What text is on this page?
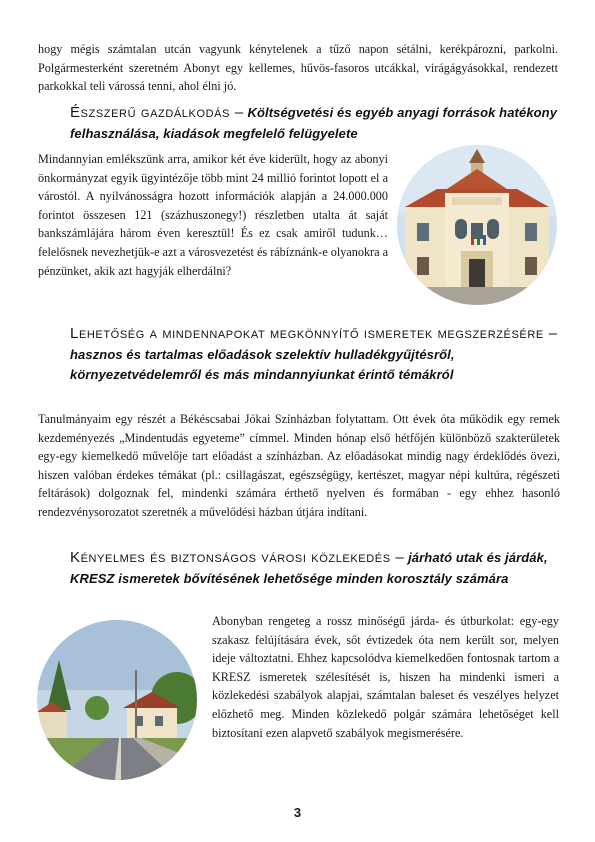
hogy mégis számtalan utcán vagyunk kénytelenek a tűző napon sétálni, kerékpározni, parkolni. Polgármesterként szeretném Abonyt egy kellemes, hűvös-fasoros utcákkal, virágágyásokkal, rendezett parkokkal teli várossá tenni, ahol élni jó.

Észszerű gazdálkodás – Költségvetési és egyéb anyagi források hatékony felhasználása, kiadások megfelelő felügyelete

Mindannyian emlékszünk arra, amikor két éve kiderült, hogy az abonyi önkormányzat egyik ügyintézője több mint 24 millió forintot lopott el a várostól. A nyilvánosságra hozott információk alapján a 24.000.000 forintot összesen 121 (százhuszonegy!) részletben utalta át saját bankszámlájára három éven keresztül! És ez csak amiről tudunk… felelősnek nevezhetjük-e azt a városvezetést és rábíznánk-e olyanokra a pénzünket, akik azt hagyják elherdálni?

Lehetőség a mindennapokat megkönnyítő ismeretek megszerzésére – hasznos és tartalmas előadások szelektív hulladékgyűjtésről, környezetvédelemről és más mindannyiunkat érintő témákról

Tanulmányaim egy részét a Békéscsabai Jókai Színházban folytattam. Ott évek óta működik egy remek kezdeményezés „Mindentudás egyeteme” címmel. Minden hónap első hétfőjén különböző szakterületek egy-egy kiemelkedő művelője tart előadást a színházban. Az előadásokat mindig nagy érdeklődés övezi, hiszen valóban érdekes témákat (pl.: csillagászat, egészségügy, kertészet, magyar népi kultúra, régészeti feltárások) dolgoznak fel, mindenki számára érthető nyelven és formában - egy ehhez hasonló rendezvénysorozatot szeretnék a művelődési házban útjára indítani.

Kényelmes és biztonságos városi közlekedés – járható utak és járdák, KRESZ ismeretek bővítésének lehetősége minden korosztály számára

Abonyban rengeteg a rossz minőségű járda- és útburkolat: egy-egy szakasz felújítására évek, sőt évtizedek óta nem került sor, melyen ideje változtatni. Ehhez kapcsolódva kiemelkedően fontosnak tartom a KRESZ ismeretek szélesítését is, hiszen ha mindenki ismeri a közlekedési szabályok alapjai, számtalan baleset és veszélyes helyzet előzhető meg. Minden közlekedő polgár számára lehetőséget kell biztosítani ezen alapvető szabályok megismerésére.

3
